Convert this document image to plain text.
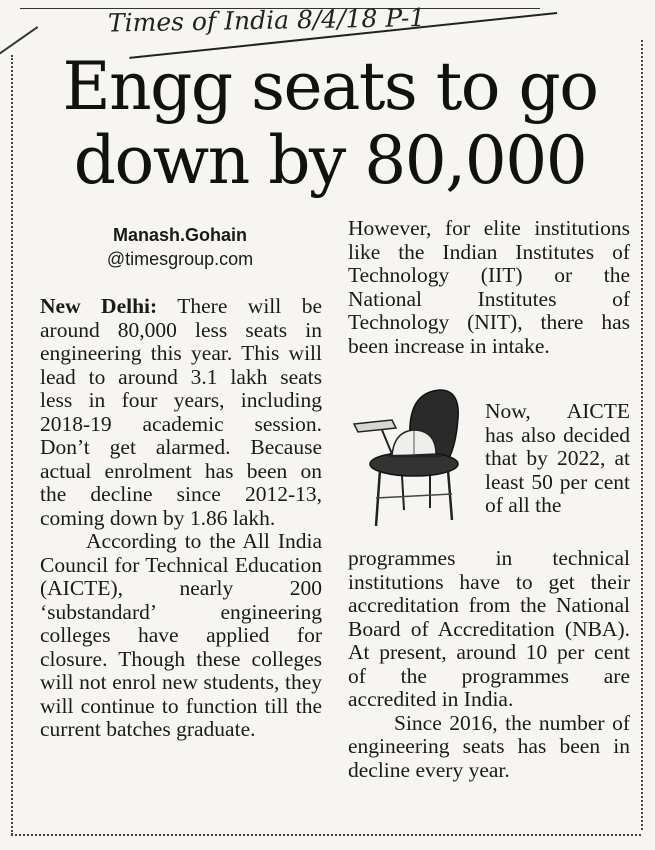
Times of India 8/4/18 P-1
Engg seats to go down by 80,000
Manash.Gohain
@timesgroup.com

New Delhi: There will be around 80,000 less seats in engineering this year. This will lead to around 3.1 lakh seats less in four years, including 2018-19 academic session. Don’t get alarmed. Because actual enrolment has been on the decline since 2012-13, coming down by 1.86 lakh.

According to the All India Council for Technical Education (AICTE), nearly 200 ‘substandard’ engineering colleges have applied for closure. Though these colleges will not enrol new students, they will continue to function till the current batches graduate.

However, for elite institutions like the Indian Institutes of Technology (IIT) or the National Institutes of Technology (NIT), there has been increase in intake.

Now, AICTE has also decided that by 2022, at least 50 per cent of all the

programmes in technical institutions have to get their accreditation from the National Board of Accreditation (NBA). At present, around 10 per cent of the programmes are accredited in India.

Since 2016, the number of engineering seats has been in decline every year.
